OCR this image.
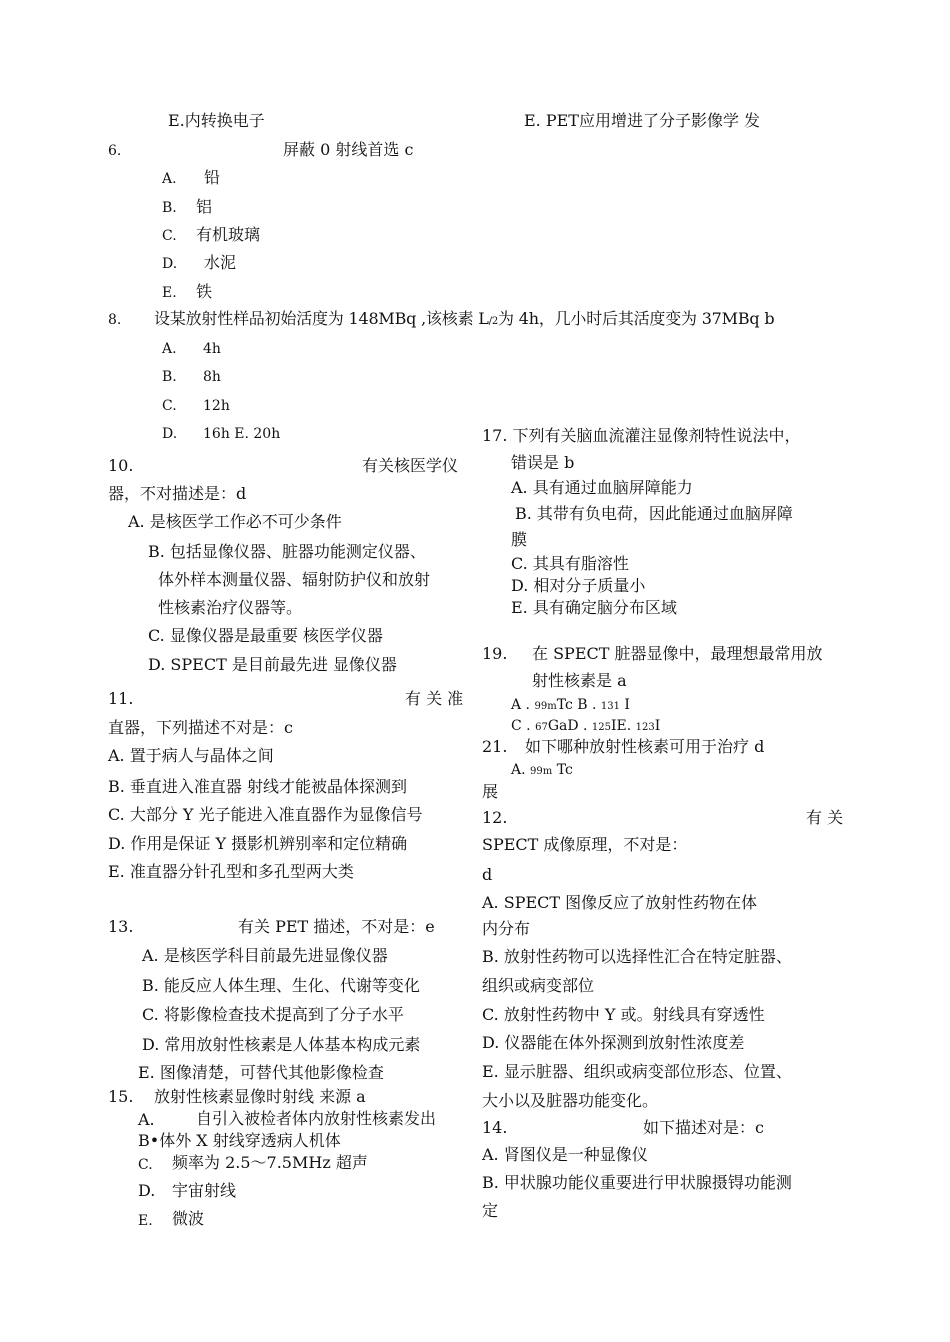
E.内转换电子	E. PET应用增进了分子影像学 发
6.	屏蔽 0 射线首选 c
A. 铅
B. 铝
C. 有机玻璃
D. 水泥
E. 铁
8. 设某放射性样品初始活度为 148MBq ,该核素 L/2为 4h，几小时后其活度变为 37MBq b
A. 4h
B. 8h
C. 12h
D. 16h E. 20h
10.	有关核医学仪
器，不对描述是：d
A. 是核医学工作必不可少条件
B. 包括显像仪器、脏器功能测定仪器、
体外样本测量仪器、辐射防护仪和放射
性核素治疗仪器等。
C. 显像仪器是最重要 核医学仪器
D. SPECT 是目前最先进 显像仪器
11.	有 关 准
直器，下列描述不对是：c
A. 置于病人与晶体之间
B. 垂直进入准直器 射线才能被晶体探测到
C. 大部分 Y 光子能进入准直器作为显像信号
D. 作用是保证 Y 摄影机辨别率和定位精确
E. 准直器分针孔型和多孔型两大类
13.	有关 PET 描述，不对是：e
A. 是核医学科目前最先进显像仪器
B. 能反应人体生理、生化、代谢等变化
C. 将影像检查技术提高到了分子水平
D. 常用放射性核素是人体基本构成元素
E. 图像清楚，可替代其他影像检查
15. 放射性核素显像时射线 来源 a
A.	自引入被检者体内放射性核素发出
B•体外 X 射线穿透病人机体
C. 频率为 2.5〜7.5MHz 超声
D. 宇宙射线
E. 微波
17. 下列有关脑血流灌注显像剂特性说法中，
错误是 b
A. 具有通过血脑屏障能力
B. 其带有负电荷，因此能通过血脑屏障
膜
C. 其具有脂溶性
D. 相对分子质量小
E. 具有确定脑分布区域
19. 在 SPECT 脏器显像中，最理想最常用放
射性核素是 a
A . 99mTc B . 131 I
C . 67GaD . 125IE. 123I
21. 如下哪种放射性核素可用于治疗 d
A. 99m Tc
展
12.	有 关
SPECT 成像原理，不对是：
d
A. SPECT 图像反应了放射性药物在体
内分布
B. 放射性药物可以选择性汇合在特定脏器、
组织或病变部位
C. 放射性药物中 Y 或。射线具有穿透性
D. 仪器能在体外探测到放射性浓度差
E. 显示脏器、组织或病变部位形态、位置、
大小以及脏器功能变化。
14.	如下描述对是：c
A. 肾图仪是一种显像仪
B. 甲状腺功能仪重要进行甲状腺摄锝功能测
定
